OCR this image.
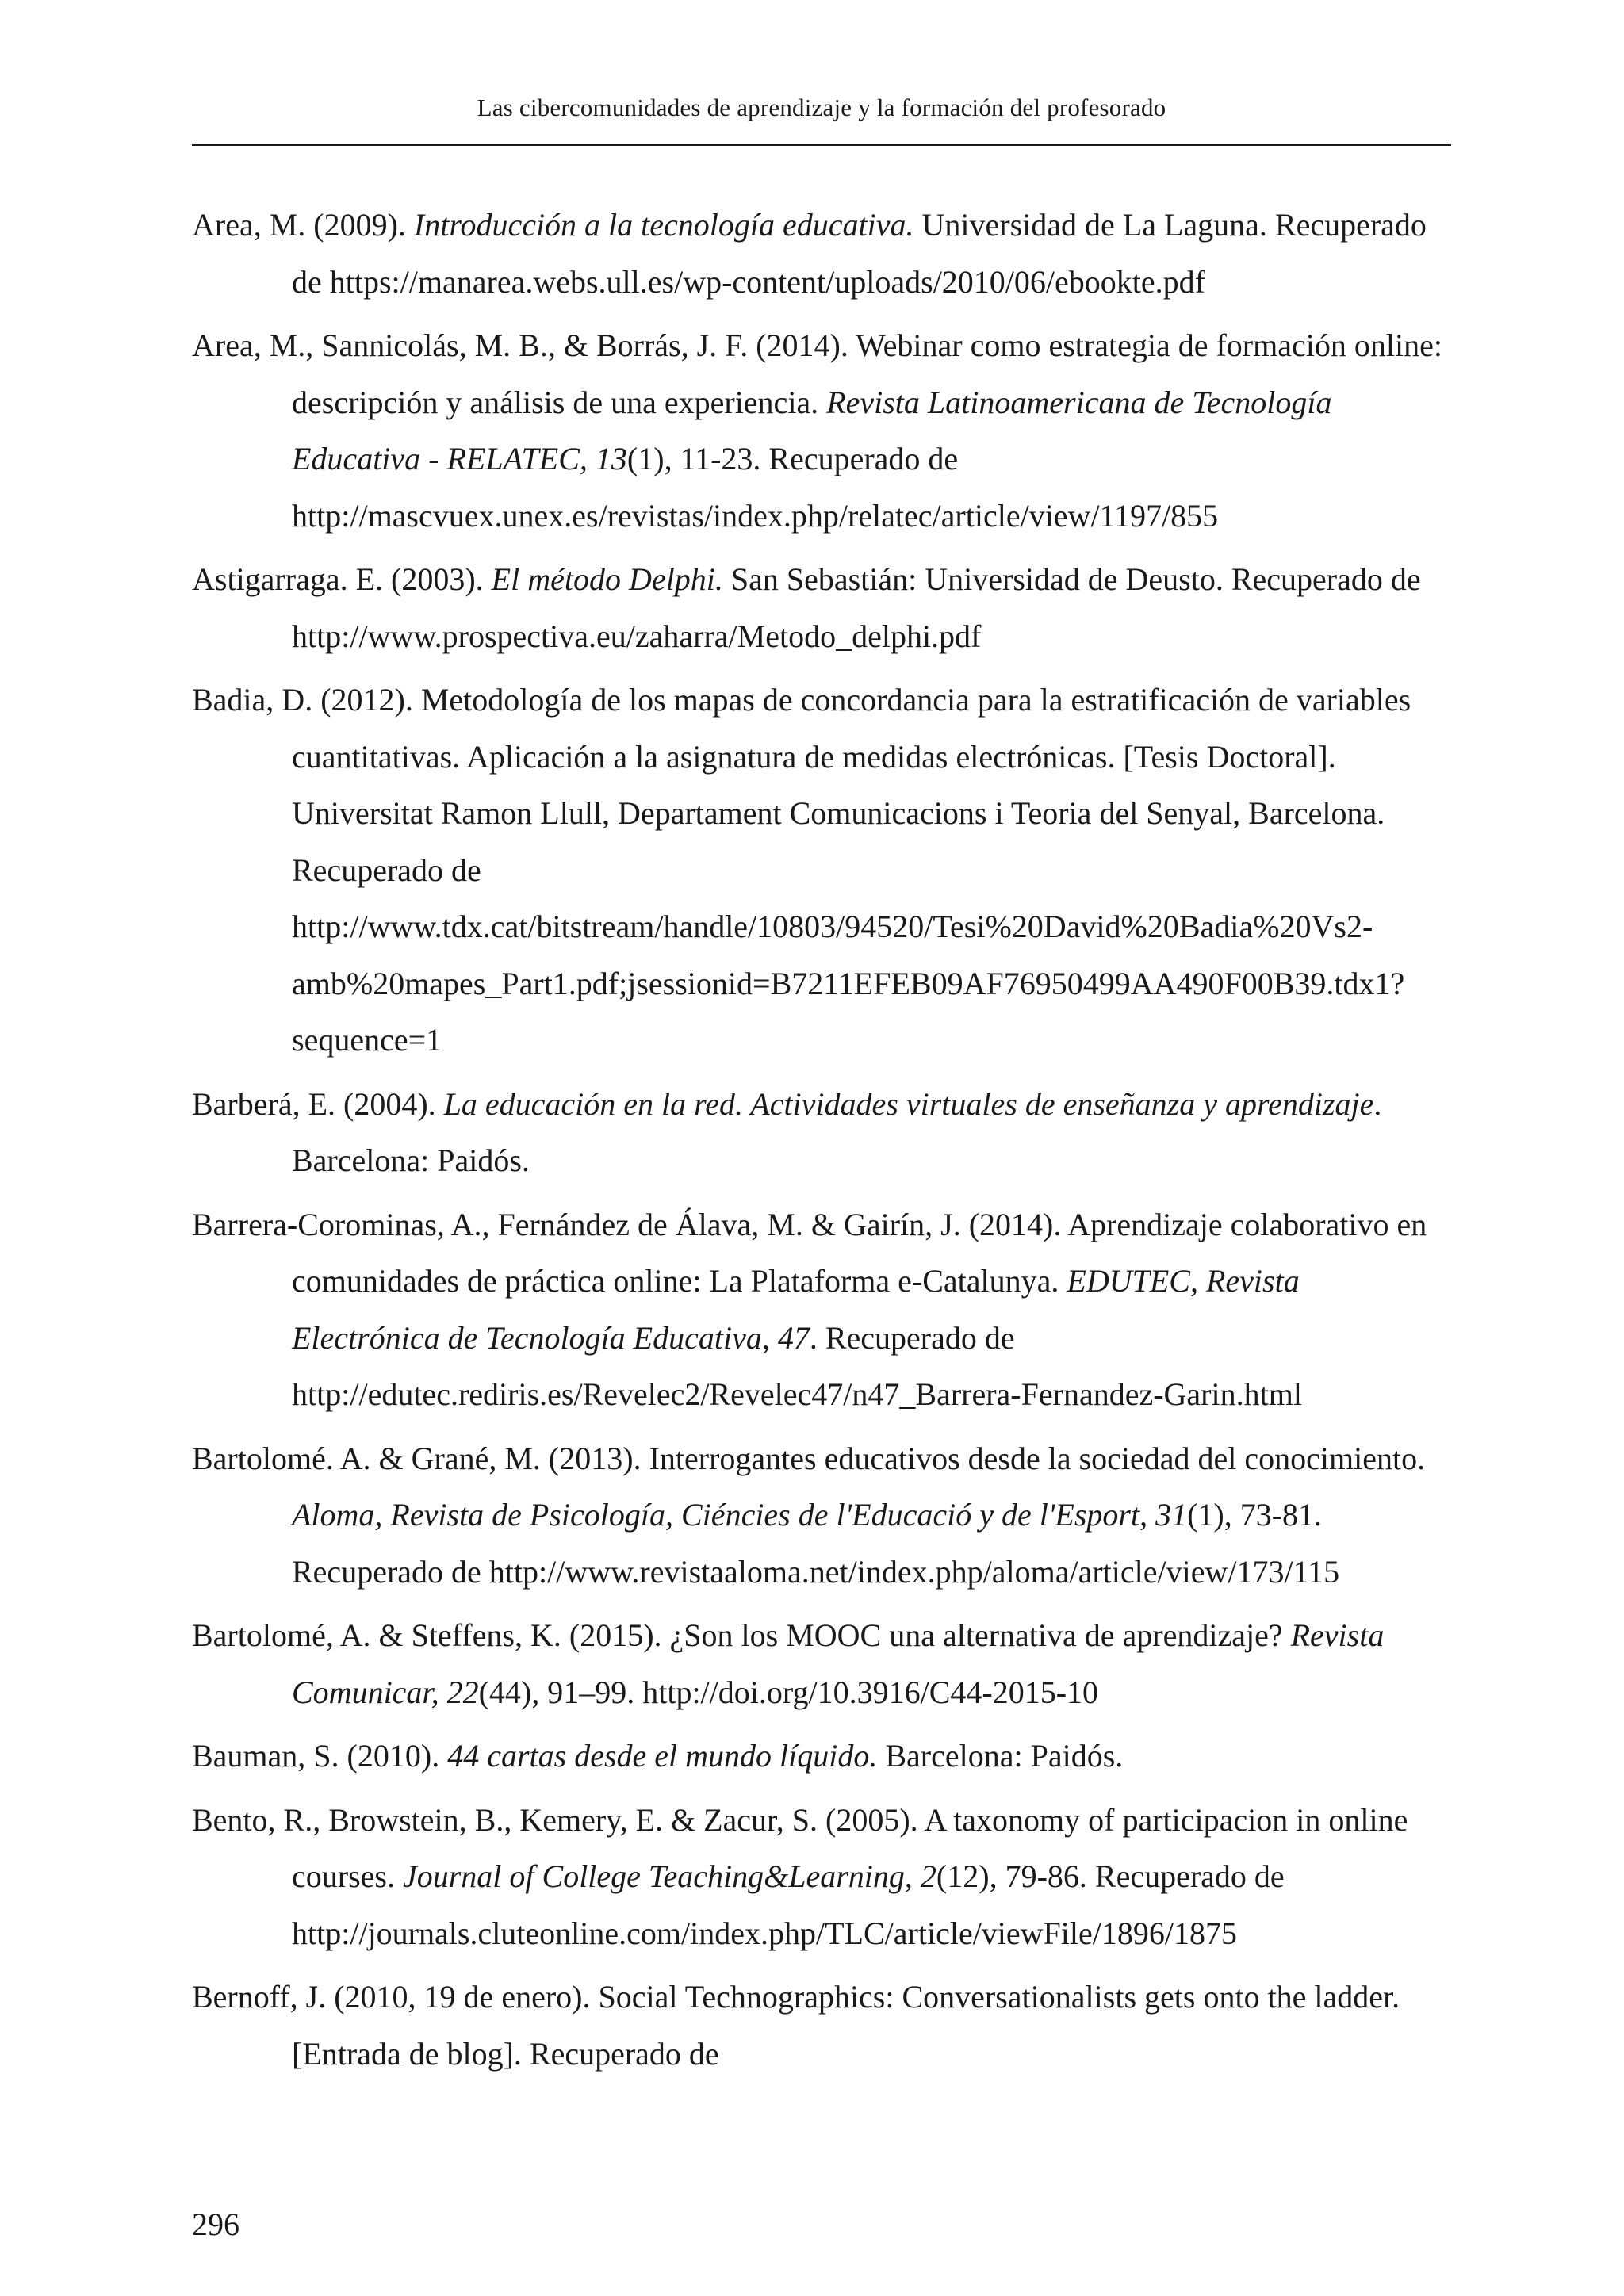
Las cibercomunidades de aprendizaje y la formación del profesorado

Area, M. (2009). Introducción a la tecnología educativa. Universidad de La Laguna. Recuperado de https://manarea.webs.ull.es/wp-content/uploads/2010/06/ebookte.pdf

Area, M., Sannicolás, M. B., & Borrás, J. F. (2014). Webinar como estrategia de formación online: descripción y análisis de una experiencia. Revista Latinoamericana de Tecnología Educativa - RELATEC, 13(1), 11-23. Recuperado de http://mascvuex.unex.es/revistas/index.php/relatec/article/view/1197/855

Astigarraga. E. (2003). El método Delphi. San Sebastián: Universidad de Deusto. Recuperado de http://www.prospectiva.eu/zaharra/Metodo_delphi.pdf

Badia, D. (2012). Metodología de los mapas de concordancia para la estratificación de variables cuantitativas. Aplicación a la asignatura de medidas electrónicas. [Tesis Doctoral]. Universitat Ramon Llull, Departament Comunicacions i Teoria del Senyal, Barcelona. Recuperado de
http://www.tdx.cat/bitstream/handle/10803/94520/Tesi%20David%20Badia%20Vs2-
amb%20mapes_Part1.pdf;jsessionid=B7211EFEB09AF76950499AA490F00B39.tdx1?
sequence=1

Barberá, E. (2004). La educación en la red. Actividades virtuales de enseñanza y aprendizaje. Barcelona: Paidós.

Barrera-Corominas, A., Fernández de Álava, M. & Gairín, J. (2014). Aprendizaje colaborativo en comunidades de práctica online: La Plataforma e-Catalunya. EDUTEC, Revista Electrónica de Tecnología Educativa, 47. Recuperado de http://edutec.rediris.es/Revelec2/Revelec47/n47_Barrera-Fernandez-Garin.html

Bartolomé. A. & Grané, M. (2013). Interrogantes educativos desde la sociedad del conocimiento. Aloma, Revista de Psicología, Ciéncies de l'Educació y de l'Esport, 31(1), 73-81. Recuperado de http://www.revistaaloma.net/index.php/aloma/article/view/173/115

Bartolomé, A. & Steffens, K. (2015). ¿Son los MOOC una alternativa de aprendizaje? Revista Comunicar, 22(44), 91–99. http://doi.org/10.3916/C44-2015-10

Bauman, S. (2010). 44 cartas desde el mundo líquido. Barcelona: Paidós.

Bento, R., Browstein, B., Kemery, E. & Zacur, S. (2005). A taxonomy of participacion in online courses. Journal of College Teaching&Learning, 2(12), 79-86. Recuperado de http://journals.cluteonline.com/index.php/TLC/article/viewFile/1896/1875

Bernoff, J. (2010, 19 de enero). Social Technographics: Conversationalists gets onto the ladder. [Entrada de blog]. Recuperado de

296
